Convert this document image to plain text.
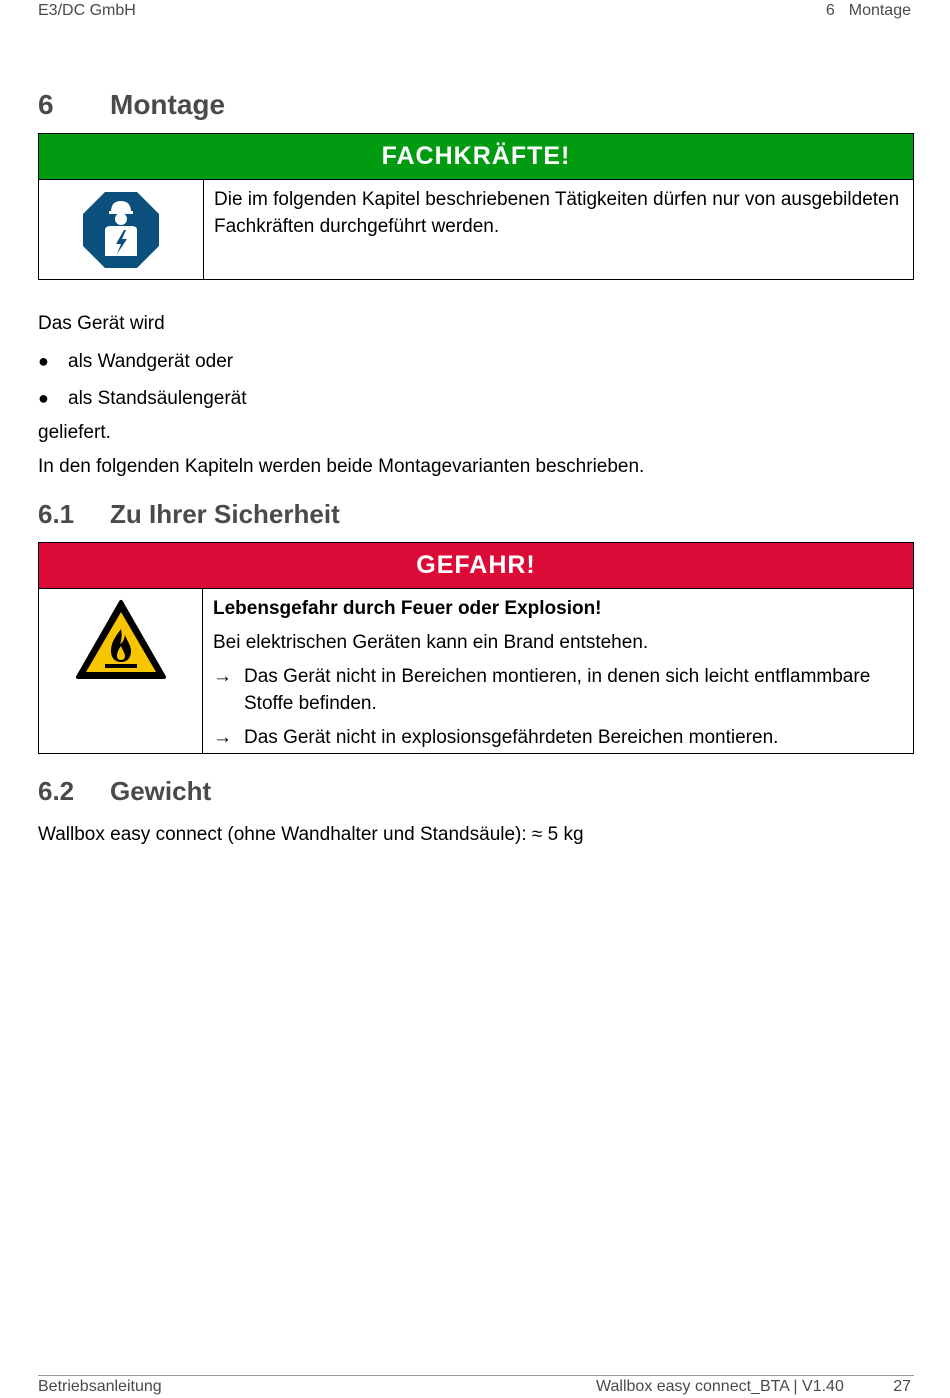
E3/DC GmbH	6 Montage
6 Montage
FACHKRÄFTE!

Die im folgenden Kapitel beschriebenen Tätigkeiten dürfen nur von ausgebildeten Fachkräften durchgeführt werden.

Das Gerät wird
● als Wandgerät oder
● als Standsäulengerät
geliefert.
In den folgenden Kapiteln werden beide Montagevarianten beschrieben.
6.1 Zu Ihrer Sicherheit
GEFAHR!

Lebensgefahr durch Feuer oder Explosion!

Bei elektrischen Geräten kann ein Brand entstehen.

→ Das Gerät nicht in Bereichen montieren, in denen sich leicht entflammbare Stoffe befinden.
→ Das Gerät nicht in explosionsgefährdeten Bereichen montieren.
6.2 Gewicht
Wallbox easy connect (ohne Wandhalter und Standsäule): ≈ 5 kg
Betriebsanleitung	Wallbox easy connect_BTA | V1.40	27
